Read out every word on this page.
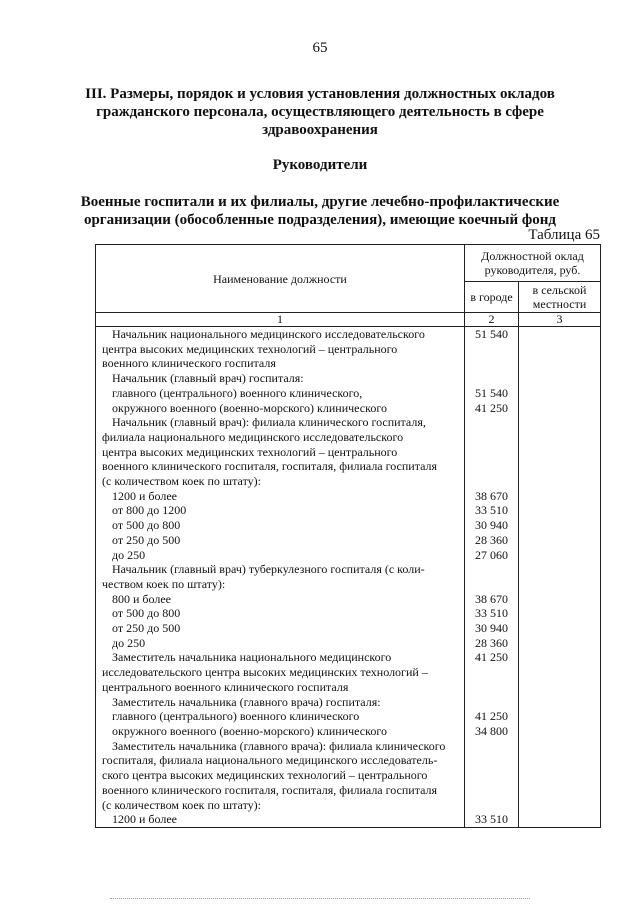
65
III. Размеры, порядок и условия установления должностных окладов гражданского персонала, осуществляющего деятельность в сфере здравоохранения
Руководители
Военные госпитали и их филиалы, другие лечебно-профилактические
организации (обособленные подразделения), имеющие коечный фонд
Таблица 65
Наименование должности	Должностной оклад руководителя, руб.	
	в городе	в сельской местности
1	2	3

Начальник национального медицинского исследовательского
центра высоких медицинских технологий – центрального
военного клинического госпиталя	51 540	

Начальник (главный врач) госпиталя:		

главного (центрального) военного клинического,	51 540	

окружного военного (военно-морского) клинического	41 250	

Начальник (главный врач): филиала клинического госпиталя,
филиала национального медицинского исследовательского
центра высоких медицинских технологий – центрального
военного клинического госпиталя, госпиталя, филиала госпиталя
(с количеством коек по штату):		

1200 и более	38 670	

от 800 до 1200	33 510	

от 500 до 800	30 940	

от 250 до 500	28 360	

до 250	27 060	

Начальник (главный врач) туберкулезного госпиталя (с коли-
чеством коек по штату):		

800 и более	38 670	

от 500 до 800	33 510	

от 250 до 500	30 940	

до 250	28 360	

Заместитель начальника национального медицинского
исследовательского центра высоких медицинских технологий –
центрального военного клинического госпиталя	41 250	

Заместитель начальника (главного врача) госпиталя:		

главного (центрального) военного клинического	41 250	

окружного военного (военно-морского) клинического	34 800	

Заместитель начальника (главного врача): филиала клинического
госпиталя, филиала национального медицинского исследователь-
ского центра высоких медицинских технологий – центрального
военного клинического госпиталя, госпиталя, филиала госпиталя
(с количеством коек по штату):		

1200 и более	33 510	
